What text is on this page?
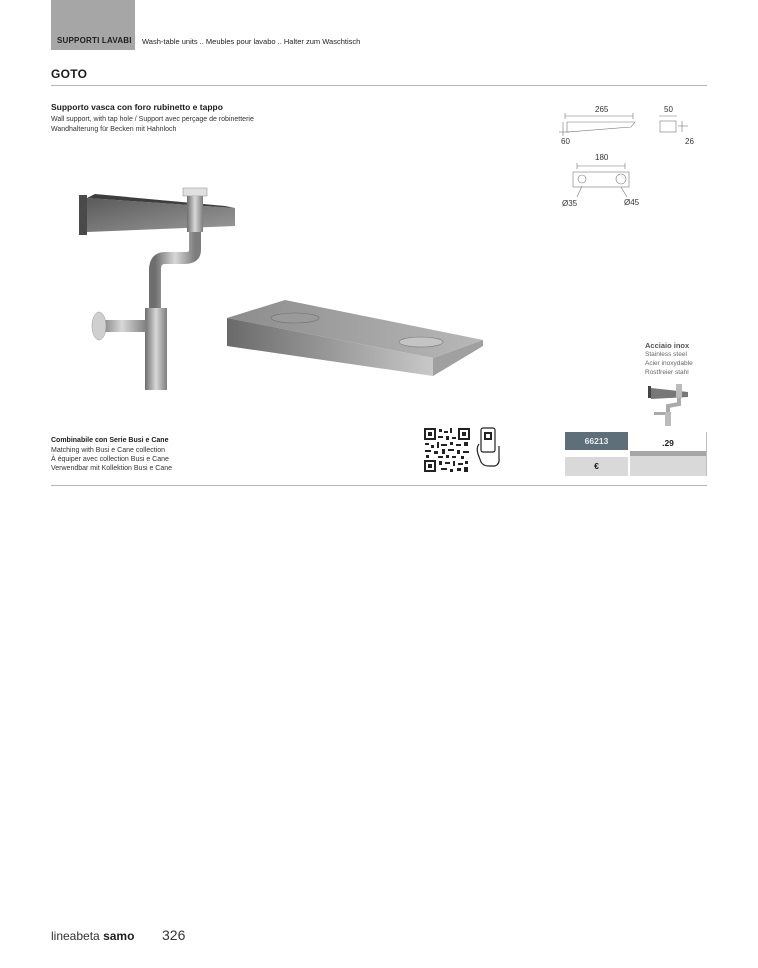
SUPPORTI LAVABI Wash-table units .. Meubles pour lavabo .. Halter zum Waschtisch
GOTO
Supporto vasca con foro rubinetto e tappo
Wall support, with tap hole / Support avec perçage de robinetterie
Wandhalterung für Becken mit Hahnloch
265	50
60	26
180
Ø35	Ø45
Acciaio inox
Stainless steel
Acier inoxydable
Rostfreier stahl
66213	.29
€
Combinabile con Serie Busi e Cane
Matching with Busi e Cane collection
À équiper avec collection Busi e Cane
Verwendbar mit Kollektion Busi e Cane
lineabeta samo 326
